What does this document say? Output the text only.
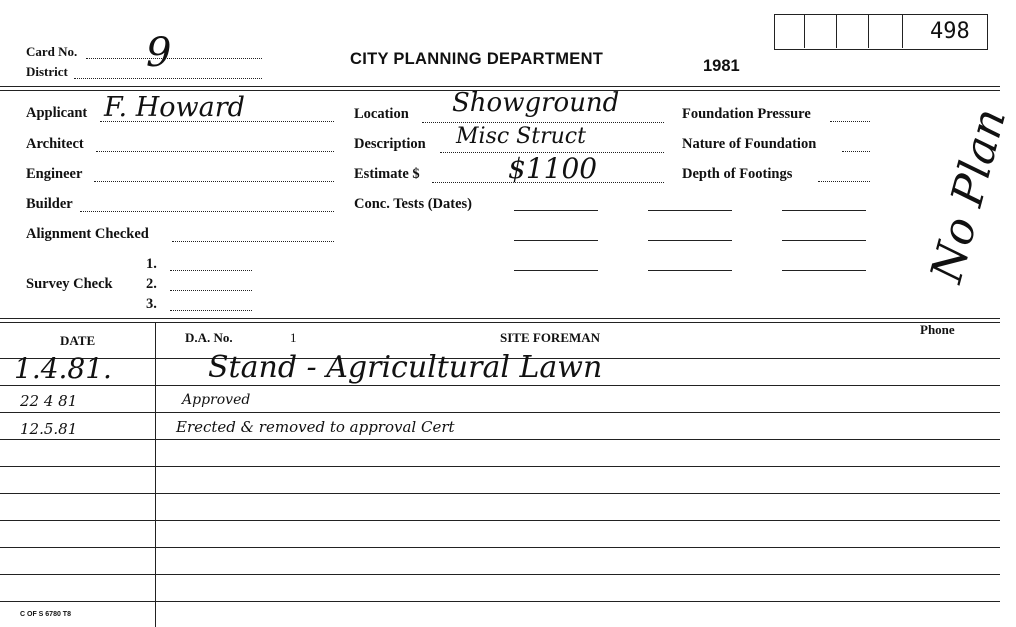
Card No. 9
District
CITY PLANNING DEPARTMENT	1981
498
No Plan
Applicant F. Howard
Architect
Engineer
Builder
Alignment Checked
Survey Check
1.
2.
3.
Location Showground
Description Misc Struct
Estimate $	$1100
Conc. Tests (Dates)
Foundation Pressure
Nature of Foundation
Depth of Footings
DATE	D.A. No.	1	SITE FOREMAN
Phone
1.4.81.	Stand - Agricultural Lawn
22 4 81	Approved
12.5.81	Erected & removed to approval Cert
C OF S 6780 T8
